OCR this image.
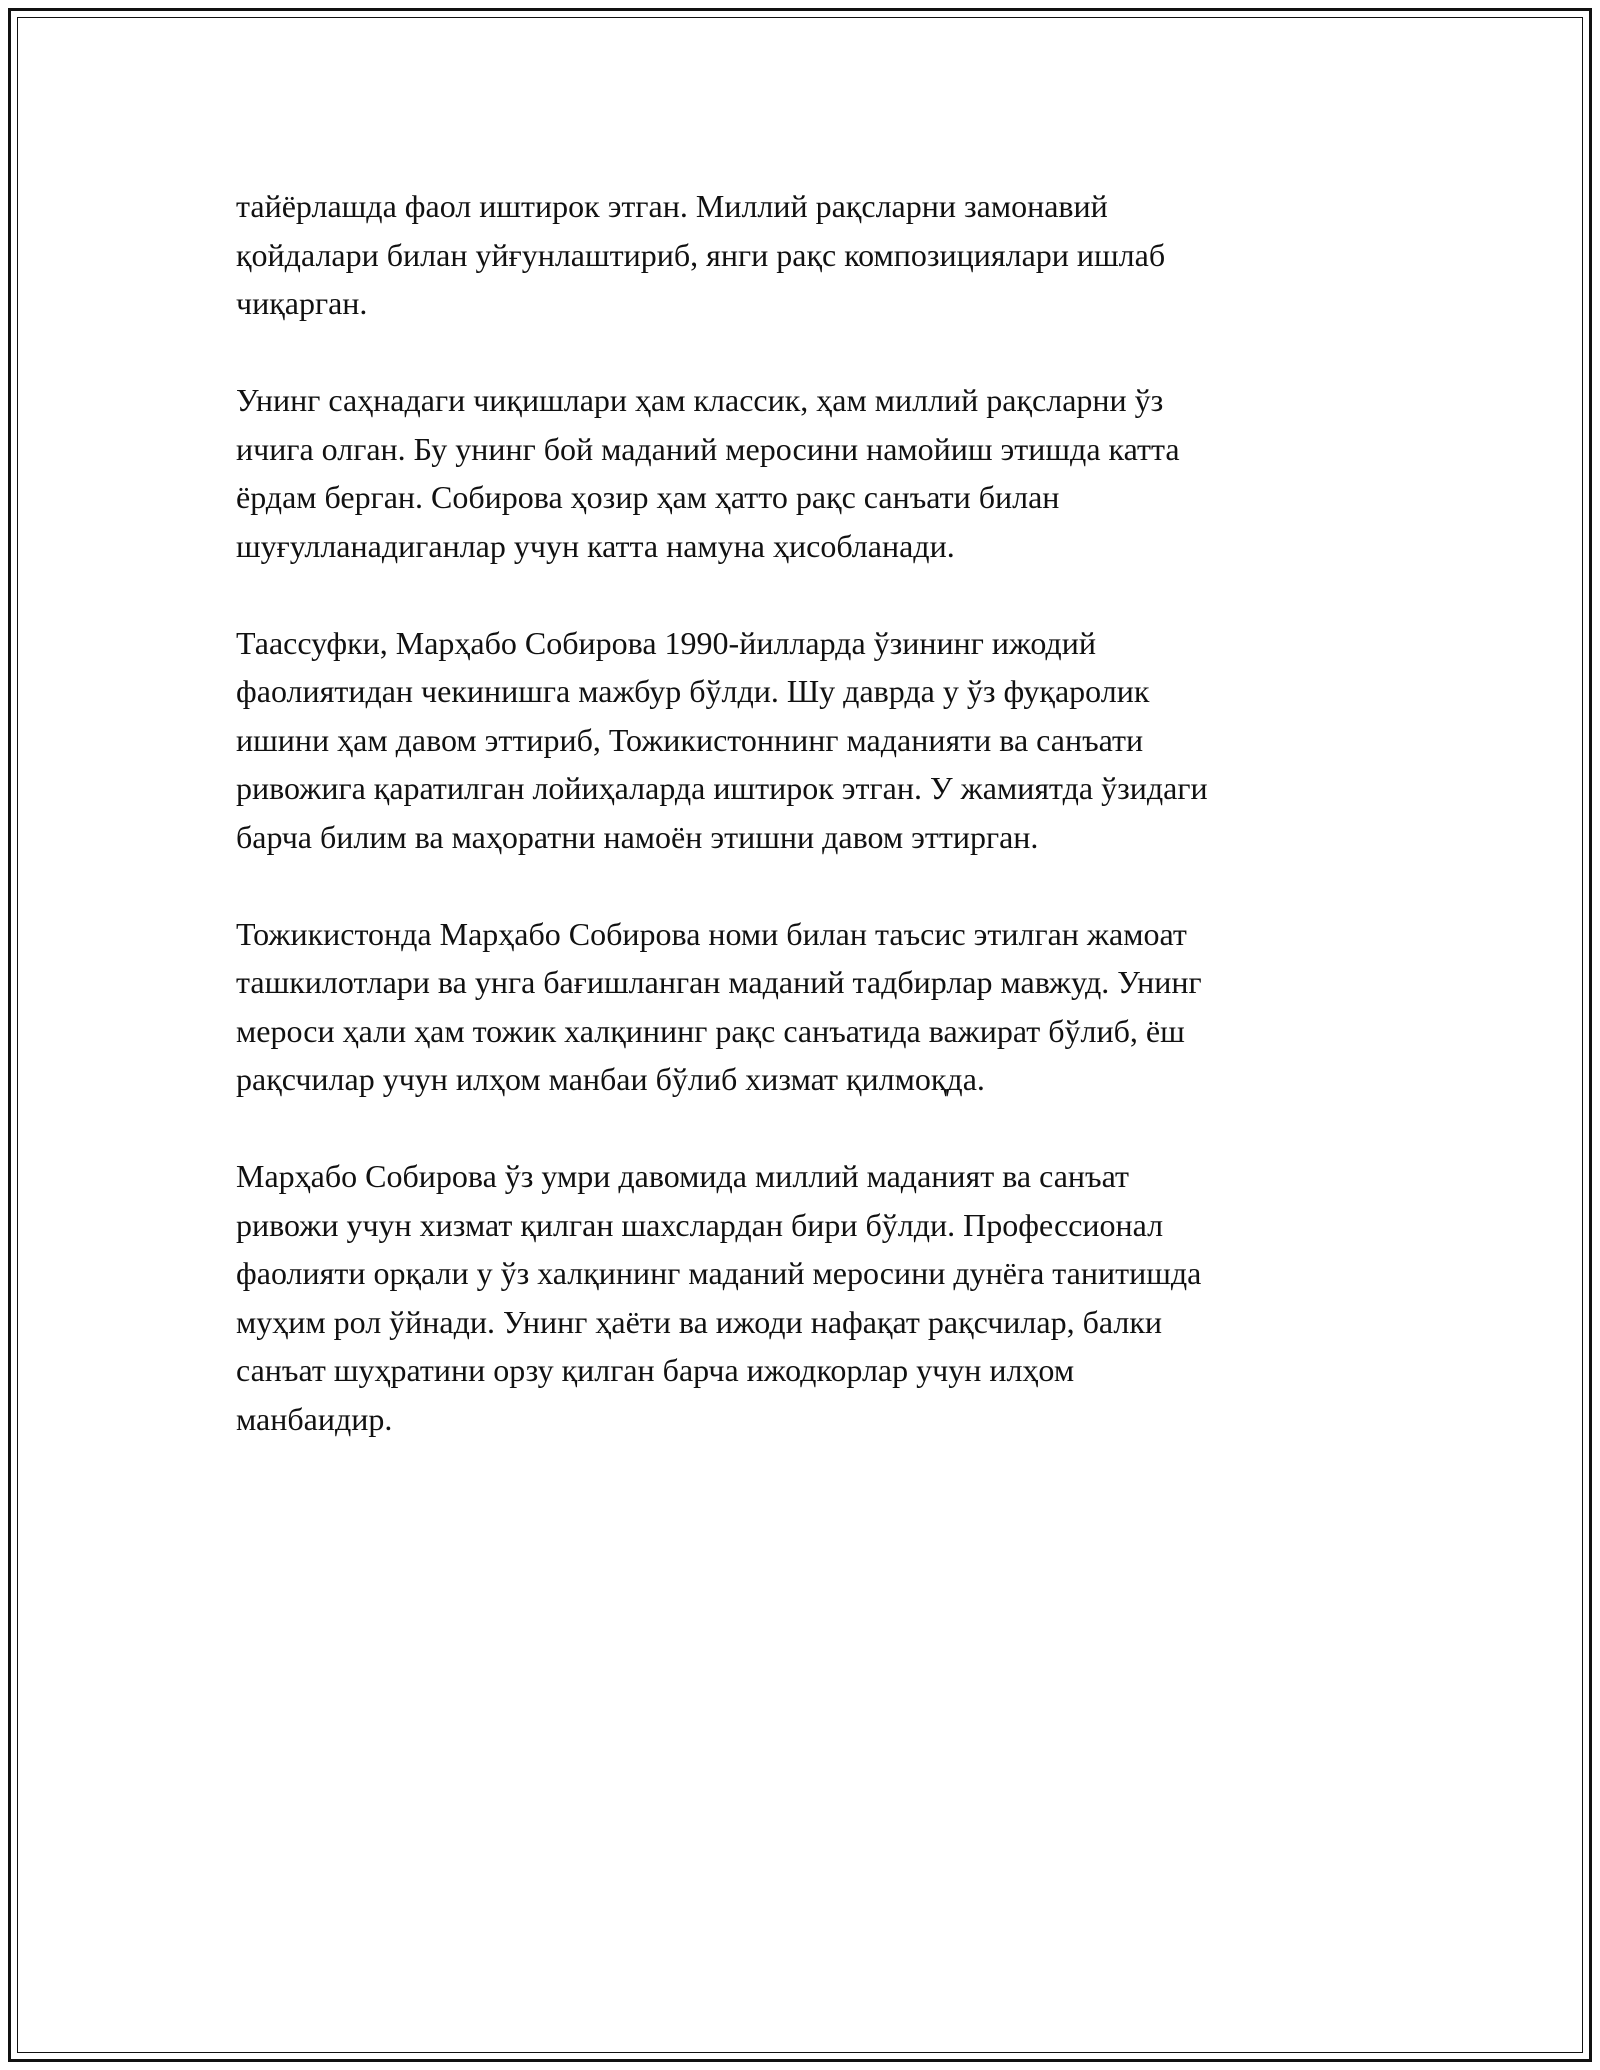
тайёрлашда фаол иштирок этган. Миллий рақсларни замонавий
қойдалари билан уйғунлаштириб, янги рақс композициялари ишлаб
чиқарган.

Унинг саҳнадаги чиқишлари ҳам классик, ҳам миллий рақсларни ўз
ичига олган. Бу унинг бой маданий меросини намойиш этишда катта
ёрдам берган. Собирова ҳозир ҳам ҳатто рақс санъати билан
шуғулланадиганлар учун катта намуна ҳисобланади.

Таассуфки, Марҳабо Собирова 1990-йилларда ўзининг ижодий
фаолиятидан чекинишга мажбур бўлди. Шу даврда у ўз фуқаролик
ишини ҳам давом эттириб, Тожикистоннинг маданияти ва санъати
ривожига қаратилган лойиҳаларда иштирок этган. У жамиятда ўзидаги
барча билим ва маҳоратни намоён этишни давом эттирган.

Тожикистонда Марҳабо Собирова номи билан таъсис этилган жамоат
ташкилотлари ва унга бағишланган маданий тадбирлар мавжуд. Унинг
мероси ҳали ҳам тожик халқининг рақс санъатида важират бўлиб, ёш
рақсчилар учун илҳом манбаи бўлиб хизмат қилмоқда.

Марҳабо Собирова ўз умри давомида миллий маданият ва санъат
ривожи учун хизмат қилган шахслардан бири бўлди. Профессионал
фаолияти орқали у ўз халқининг маданий меросини дунёга танитишда
муҳим рол ўйнади. Унинг ҳаёти ва ижоди нафақат рақсчилар, балки
санъат шуҳратини орзу қилган барча ижодкорлар учун илҳом
манбаидир.
